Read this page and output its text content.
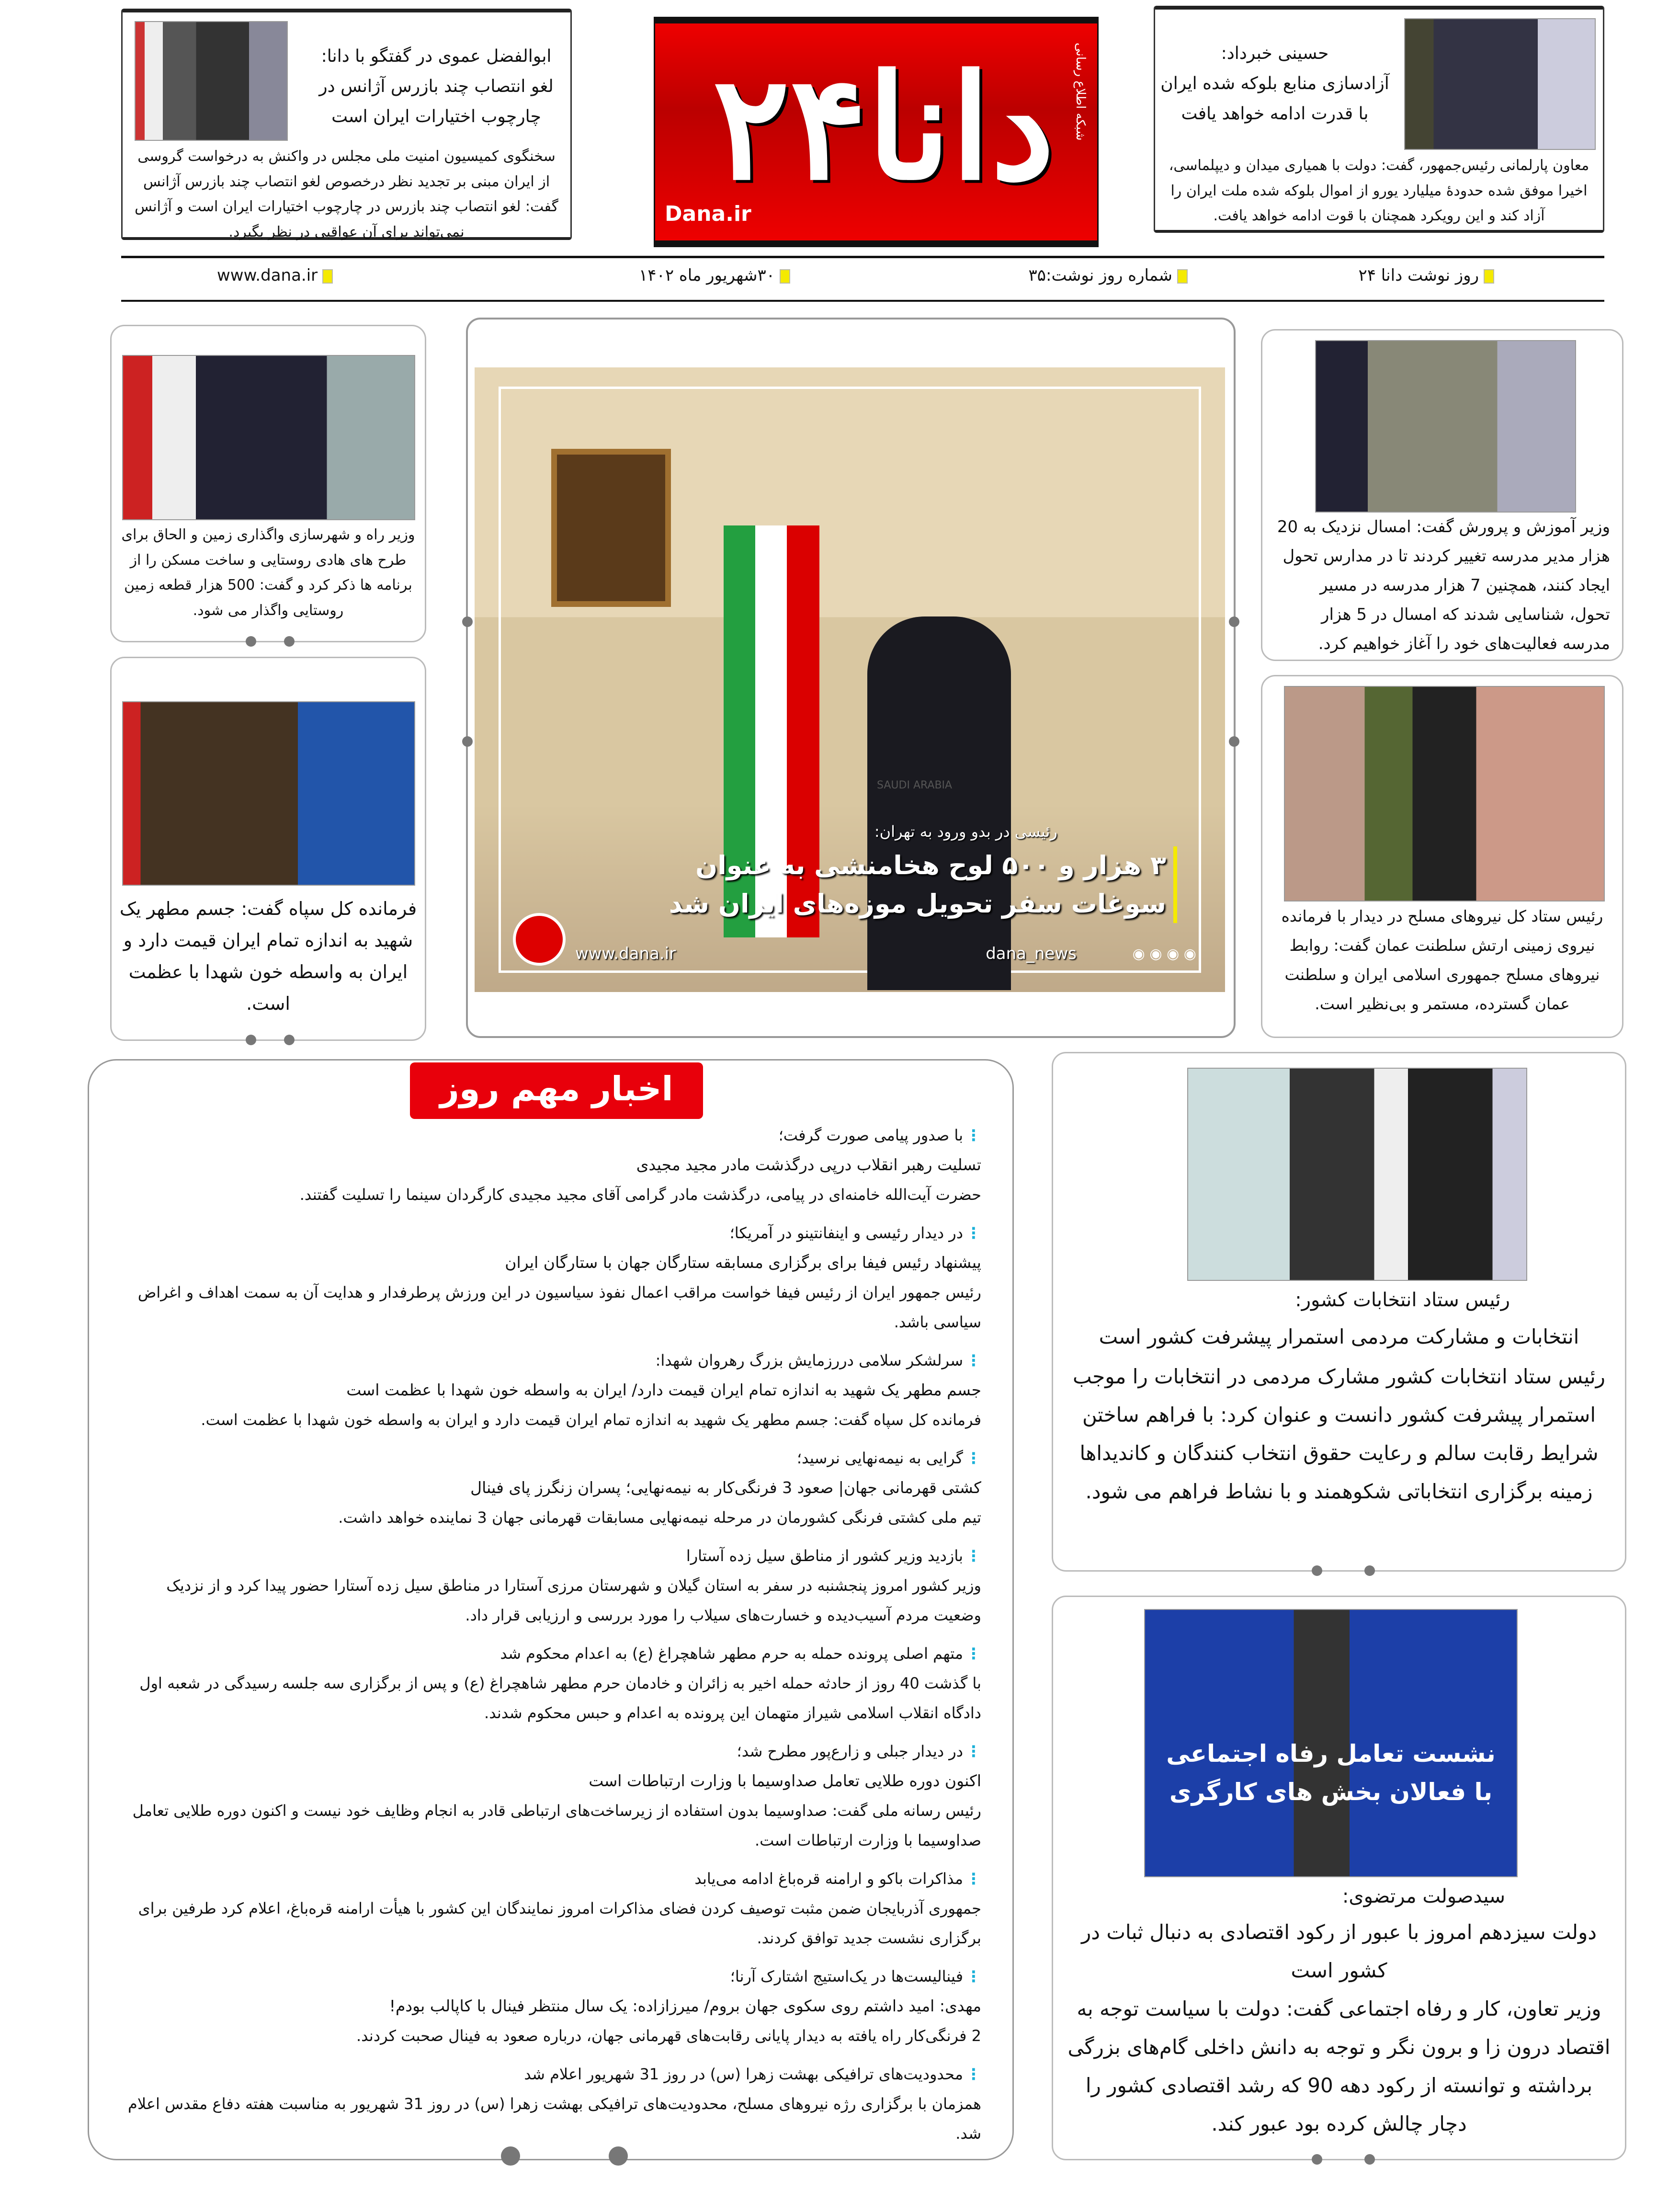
ابوالفضل عموی در گفتگو با دانا:
لغو انتصاب چند بازرس آژانس در
چارچوب اختیارات ایران است
سخنگوی کمیسیون امنیت ملی مجلس در واکنش به درخواست گروسی از ایران مبنی بر تجدید نظر درخصوص لغو انتصاب چند بازرس آژانس گفت: لغو انتصاب چند بازرس در چارچوب اختیارات ایران است و آژانس نمی‌تواند برای آن عواقبی در نظر بگیرد.
دانا۲۴
Dana.ir
شبکه اطلاع رسانی	حسینی خبرداد:
آزادسازی منابع بلوکه شده ایران
با قدرت ادامه خواهد یافت
معاون پارلمانی رئیس‌جمهور، گفت: دولت با همیاری میدان و دیپلماسی، اخیرا موفق شده حدودۀ میلیارد یورو از اموال بلوکه شده ملت ایران را آزاد کند و این رویکرد همچنان با قوت ادامه خواهد یافت.
روز نوشت دانا ۲۴
شماره روز نوشت:۳۵
۳۰شهریور ماه ۱۴۰۲
www.dana.ir
وزیر راه و شهرسازی واگذاری زمین و الحاق برای طرح های هادی روستایی و ساخت مسکن را از برنامه ها ذکر کرد و گفت: 500 هزار قطعه زمین روستایی واگذار می شود.
فرمانده کل سپاه گفت: جسم مطهر یک شهید به اندازه تمام ایران قیمت دارد و ایران به واسطه خون شهدا با عظمت است.
SAUDI ARABIA
رئیسی در بدو ورود به تهران:
۳ هزار و ۵۰۰ لوح هخامنشی به عنوان
سوغات سفر تحویل موزه‌های ایران شد
www.dana.ir	dana_news	◉ ◉ ◉ ◉
وزیر آموزش و پرورش گفت: امسال نزدیک به 20 هزار مدیر مدرسه تغییر کردند تا در مدارس تحول ایجاد کنند، همچنین 7 هزار مدرسه در مسیر تحول، شناسایی شدند که امسال در 5 هزار مدرسه فعالیت‌های خود را آغاز خواهیم کرد.
رئیس ستاد کل نیروهای مسلح در دیدار با فرمانده نیروی زمینی ارتش سلطنت عمان گفت: روابط نیروهای مسلح جمهوری اسلامی ایران و سلطنت عمان گسترده، مستمر و بی‌نظیر است.
اخبار مهم روز
⋮ با صدور پیامی صورت گرفت؛
تسلیت رهبر انقلاب درپی درگذشت مادر مجید مجیدی
حضرت آیت‌الله خامنه‌ای در پیامی، درگذشت مادر گرامی آقای مجید مجیدی کارگردان سینما را تسلیت گفتند.
⋮ در دیدار رئیسی و اینفانتینو در آمریکا؛
پیشنهاد رئیس فیفا برای برگزاری مسابقه ستارگان جهان با ستارگان ایران
رئیس جمهور ایران از رئیس فیفا خواست مراقب اعمال نفوذ سیاسیون در این ورزش پرطرفدار و هدایت آن به سمت اهداف و اغراض سیاسی باشد.
⋮ سرلشکر سلامی دررزمایش بزرگ رهروان شهدا:
جسم مطهر یک شهید به اندازه تمام ایران قیمت دارد/ ایران به واسطه خون شهدا با عظمت است
فرمانده کل سپاه گفت: جسم مطهر یک شهید به اندازه تمام ایران قیمت دارد و ایران به واسطه خون شهدا با عظمت است.
⋮ گرایی به نیمه‌نهایی نرسید؛
کشتی قهرمانی جهان| صعود 3 فرنگی‌کار به نیمه‌نهایی؛ پسران زنگرز پای فینال
تیم ملی کشتی فرنگی کشورمان در مرحله نیمه‌نهایی مسابقات قهرمانی جهان 3 نماینده خواهد داشت.
⋮ بازدید وزیر کشور از مناطق سیل زده آستارا
وزیر کشور امروز پنجشنبه در سفر به استان گیلان و شهرستان مرزی آستارا در مناطق سیل زده آستارا حضور پیدا کرد و از نزدیک وضعیت مردم آسیب‌دیده و خسارت‌های سیلاب را مورد بررسی و ارزیابی قرار داد.
⋮ متهم اصلی پرونده حمله به حرم مطهر شاهچراغ (ع) به اعدام محکوم شد
با گذشت 40 روز از حادثه حمله اخیر به زائران و خادمان حرم مطهر شاهچراغ (ع) و پس از برگزاری سه جلسه رسیدگی در شعبه اول دادگاه انقلاب اسلامی شیراز متهمان این پرونده به اعدام و حبس محکوم شدند.
⋮ در دیدار جبلی و زارع‌پور مطرح شد؛
اکنون دوره طلایی تعامل صداوسیما با وزارت ارتباطات است
رئیس رسانه ملی گفت: صداوسیما بدون استفاده از زیرساخت‌های ارتباطی قادر به انجام وظایف خود نیست و اکنون دوره طلایی تعامل صداوسیما با وزارت ارتباطات است.
⋮ مذاکرات باکو و ارامنه قره‌باغ ادامه می‌یابد
جمهوری آذربایجان ضمن مثبت توصیف کردن فضای مذاکرات امروز نمایندگان این کشور با هیأت ارامنه قره‌باغ، اعلام کرد طرفین برای برگزاری نشست جدید توافق کردند.
⋮ فینالیست‌ها در یک‌استیج اشتارک آرنا؛
مهدی: امید داشتم روی سکوی جهان بروم/ میرزازاده: یک سال منتظر فینال با کاپالب بودم!
2 فرنگی‌کار راه یافته به دیدار پایانی رقابت‌های قهرمانی جهان، درباره صعود به فینال صحبت کردند.
⋮ محدودیت‌های ترافیکی بهشت زهرا (س) در روز 31 شهریور اعلام شد
همزمان با برگزاری رژه نیروهای مسلح، محدودیت‌های ترافیکی بهشت زهرا (س) در روز 31 شهریور به مناسبت هفته دفاع مقدس اعلام شد.
رئیس ستاد انتخابات کشور:
انتخابات و مشارکت مردمی استمرار پیشرفت کشور است
رئیس ستاد انتخابات کشور مشارک مردمی در انتخابات را موجب استمرار پیشرفت کشور دانست و عنوان کرد: با فراهم ساختن شرایط رقابت سالم و رعایت حقوق انتخاب کنندگان و کاندیداها زمینه برگزاری انتخاباتی شکوهمند و با نشاط فراهم می شود.
نشست تعامل رفاه اجتماعی با فعالان بخش های کارگری
سیدصولت مرتضوی:
دولت سیزدهم امروز با عبور از رکود اقتصادی به دنبال ثبات در کشور است
وزیر تعاون، کار و رفاه اجتماعی گفت: دولت با سیاست توجه به اقتصاد درون زا و برون نگر و توجه به دانش داخلی گام‌های بزرگی برداشته و توانسته از رکود دهه 90 که رشد اقتصادی کشور را دچار چالش کرده بود عبور کند.
